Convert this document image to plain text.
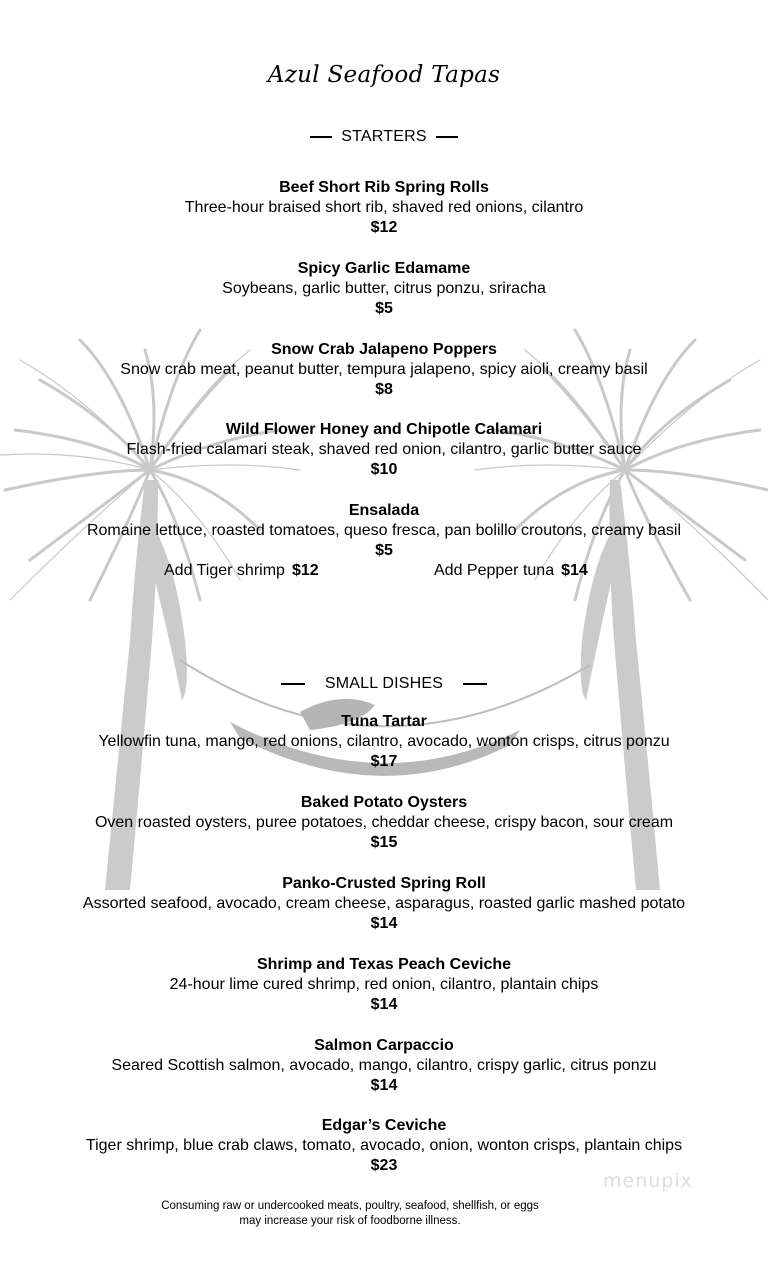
Azul Seafood Tapas
STARTERS
Beef Short Rib Spring Rolls
Three-hour braised short rib, shaved red onions, cilantro
$12
Spicy Garlic Edamame
Soybeans, garlic butter, citrus ponzu, sriracha
$5
Snow Crab Jalapeno Poppers
Snow crab meat, peanut butter, tempura jalapeno, spicy aioli, creamy basil
$8
Wild Flower Honey and Chipotle Calamari
Flash-fried calamari steak, shaved red onion, cilantro, garlic butter sauce
$10
Ensalada
Romaine lettuce, roasted tomatoes, queso fresca, pan bolillo croutons, creamy basil
$5
Add Tiger shrimp $12	Add Pepper tuna $14
SMALL DISHES
Tuna Tartar
Yellowfin tuna, mango, red onions, cilantro, avocado, wonton crisps, citrus ponzu
$17
Baked Potato Oysters
Oven roasted oysters, puree potatoes, cheddar cheese, crispy bacon, sour cream
$15
Panko-Crusted Spring Roll
Assorted seafood, avocado, cream cheese, asparagus, roasted garlic mashed potato
$14
Shrimp and Texas Peach Ceviche
24-hour lime cured shrimp, red onion, cilantro, plantain chips
$14
Salmon Carpaccio
Seared Scottish salmon, avocado, mango, cilantro, crispy garlic, citrus ponzu
$14
Edgar’s Ceviche
Tiger shrimp, blue crab claws, tomato, avocado, onion, wonton crisps, plantain chips
$23
menupix
Consuming raw or undercooked meats, poultry, seafood, shellfish, or eggs
may increase your risk of foodborne illness.
